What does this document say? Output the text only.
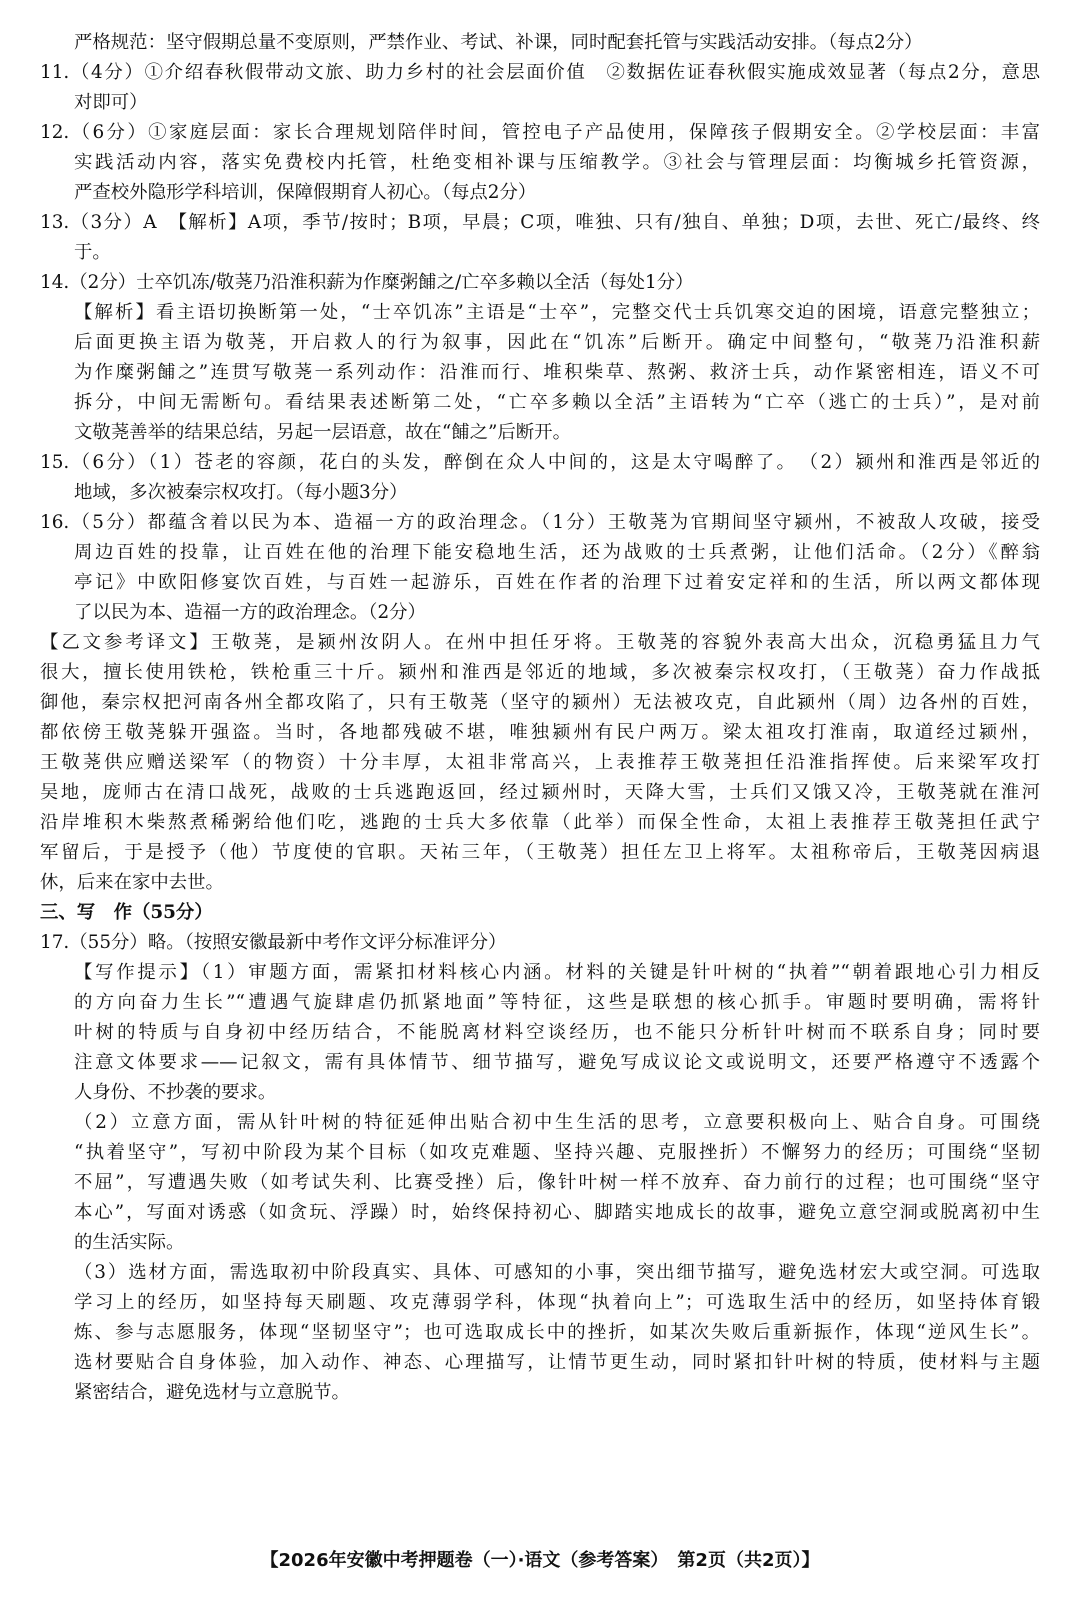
严格规范：坚守假期总量不变原则，严禁作业、考试、补课，同时配套托管与实践活动安排。（每点2分）
11.（4分）①介绍春秋假带动文旅、助力乡村的社会层面价值　②数据佐证春秋假实施成效显著（每点2分，意思
对即可）
12.（6分）①家庭层面：家长合理规划陪伴时间，管控电子产品使用，保障孩子假期安全。②学校层面：丰富
实践活动内容，落实免费校内托管，杜绝变相补课与压缩教学。③社会与管理层面：均衡城乡托管资源，
严查校外隐形学科培训，保障假期育人初心。（每点2分）
13.（3分）A　【解析】A项，季节/按时；B项，早晨；C项，唯独、只有/独自、单独；D项，去世、死亡/最终、终
于。
14.（2分）士卒饥冻/敬荛乃沿淮积薪为作糜粥餔之/亡卒多赖以全活（每处1分）
【解析】看主语切换断第一处，“士卒饥冻”主语是“士卒”，完整交代士兵饥寒交迫的困境，语意完整独立；
后面更换主语为敬荛，开启救人的行为叙事，因此在“饥冻”后断开。确定中间整句，“敬荛乃沿淮积薪
为作糜粥餔之”连贯写敬荛一系列动作：沿淮而行、堆积柴草、熬粥、救济士兵，动作紧密相连，语义不可
拆分，中间无需断句。看结果表述断第二处，“亡卒多赖以全活”主语转为“亡卒（逃亡的士兵）”，是对前
文敬荛善举的结果总结，另起一层语意，故在“餔之”后断开。
15.（6分）（1）苍老的容颜，花白的头发，醉倒在众人中间的，这是太守喝醉了。　（2）颍州和淮西是邻近的
地域，多次被秦宗权攻打。（每小题3分）
16.（5分）都蕴含着以民为本、造福一方的政治理念。（1分）王敬荛为官期间坚守颍州，不被敌人攻破，接受
周边百姓的投靠，让百姓在他的治理下能安稳地生活，还为战败的士兵煮粥，让他们活命。（2分）《醉翁
亭记》中欧阳修宴饮百姓，与百姓一起游乐，百姓在作者的治理下过着安定祥和的生活，所以两文都体现
了以民为本、造福一方的政治理念。（2分）
【乙文参考译文】王敬荛，是颍州汝阴人。在州中担任牙将。王敬荛的容貌外表高大出众，沉稳勇猛且力气
很大，擅长使用铁枪，铁枪重三十斤。颍州和淮西是邻近的地域，多次被秦宗权攻打，（王敬荛）奋力作战抵
御他，秦宗权把河南各州全都攻陷了，只有王敬荛（坚守的颍州）无法被攻克，自此颍州（周）边各州的百姓，
都依傍王敬荛躲开强盗。当时，各地都残破不堪，唯独颍州有民户两万。梁太祖攻打淮南，取道经过颍州，
王敬荛供应赠送梁军（的物资）十分丰厚，太祖非常高兴，上表推荐王敬荛担任沿淮指挥使。后来梁军攻打
吴地，庞师古在清口战死，战败的士兵逃跑返回，经过颍州时，天降大雪，士兵们又饿又冷，王敬荛就在淮河
沿岸堆积木柴熬煮稀粥给他们吃，逃跑的士兵大多依靠（此举）而保全性命，太祖上表推荐王敬荛担任武宁
军留后，于是授予（他）节度使的官职。天祐三年，（王敬荛）担任左卫上将军。太祖称帝后，王敬荛因病退
休，后来在家中去世。
三、写　作（55分）
17.（55分）略。（按照安徽最新中考作文评分标准评分）
【写作提示】（1）审题方面，需紧扣材料核心内涵。材料的关键是针叶树的“执着”“朝着跟地心引力相反
的方向奋力生长”“遭遇气旋肆虐仍抓紧地面”等特征，这些是联想的核心抓手。审题时要明确，需将针
叶树的特质与自身初中经历结合，不能脱离材料空谈经历，也不能只分析针叶树而不联系自身；同时要
注意文体要求——记叙文，需有具体情节、细节描写，避免写成议论文或说明文，还要严格遵守不透露个
人身份、不抄袭的要求。
（2）立意方面，需从针叶树的特征延伸出贴合初中生生活的思考，立意要积极向上、贴合自身。可围绕
“执着坚守”，写初中阶段为某个目标（如攻克难题、坚持兴趣、克服挫折）不懈努力的经历；可围绕“坚韧
不屈”，写遭遇失败（如考试失利、比赛受挫）后，像针叶树一样不放弃、奋力前行的过程；也可围绕“坚守
本心”，写面对诱惑（如贪玩、浮躁）时，始终保持初心、脚踏实地成长的故事，避免立意空洞或脱离初中生
的生活实际。
（3）选材方面，需选取初中阶段真实、具体、可感知的小事，突出细节描写，避免选材宏大或空洞。可选取
学习上的经历，如坚持每天刷题、攻克薄弱学科，体现“执着向上”；可选取生活中的经历，如坚持体育锻
炼、参与志愿服务，体现“坚韧坚守”；也可选取成长中的挫折，如某次失败后重新振作，体现“逆风生长”。
选材要贴合自身体验，加入动作、神态、心理描写，让情节更生动，同时紧扣针叶树的特质，使材料与主题
紧密结合，避免选材与立意脱节。
【2026年安徽中考押题卷（一）·语文（参考答案）　第2页（共2页）】
